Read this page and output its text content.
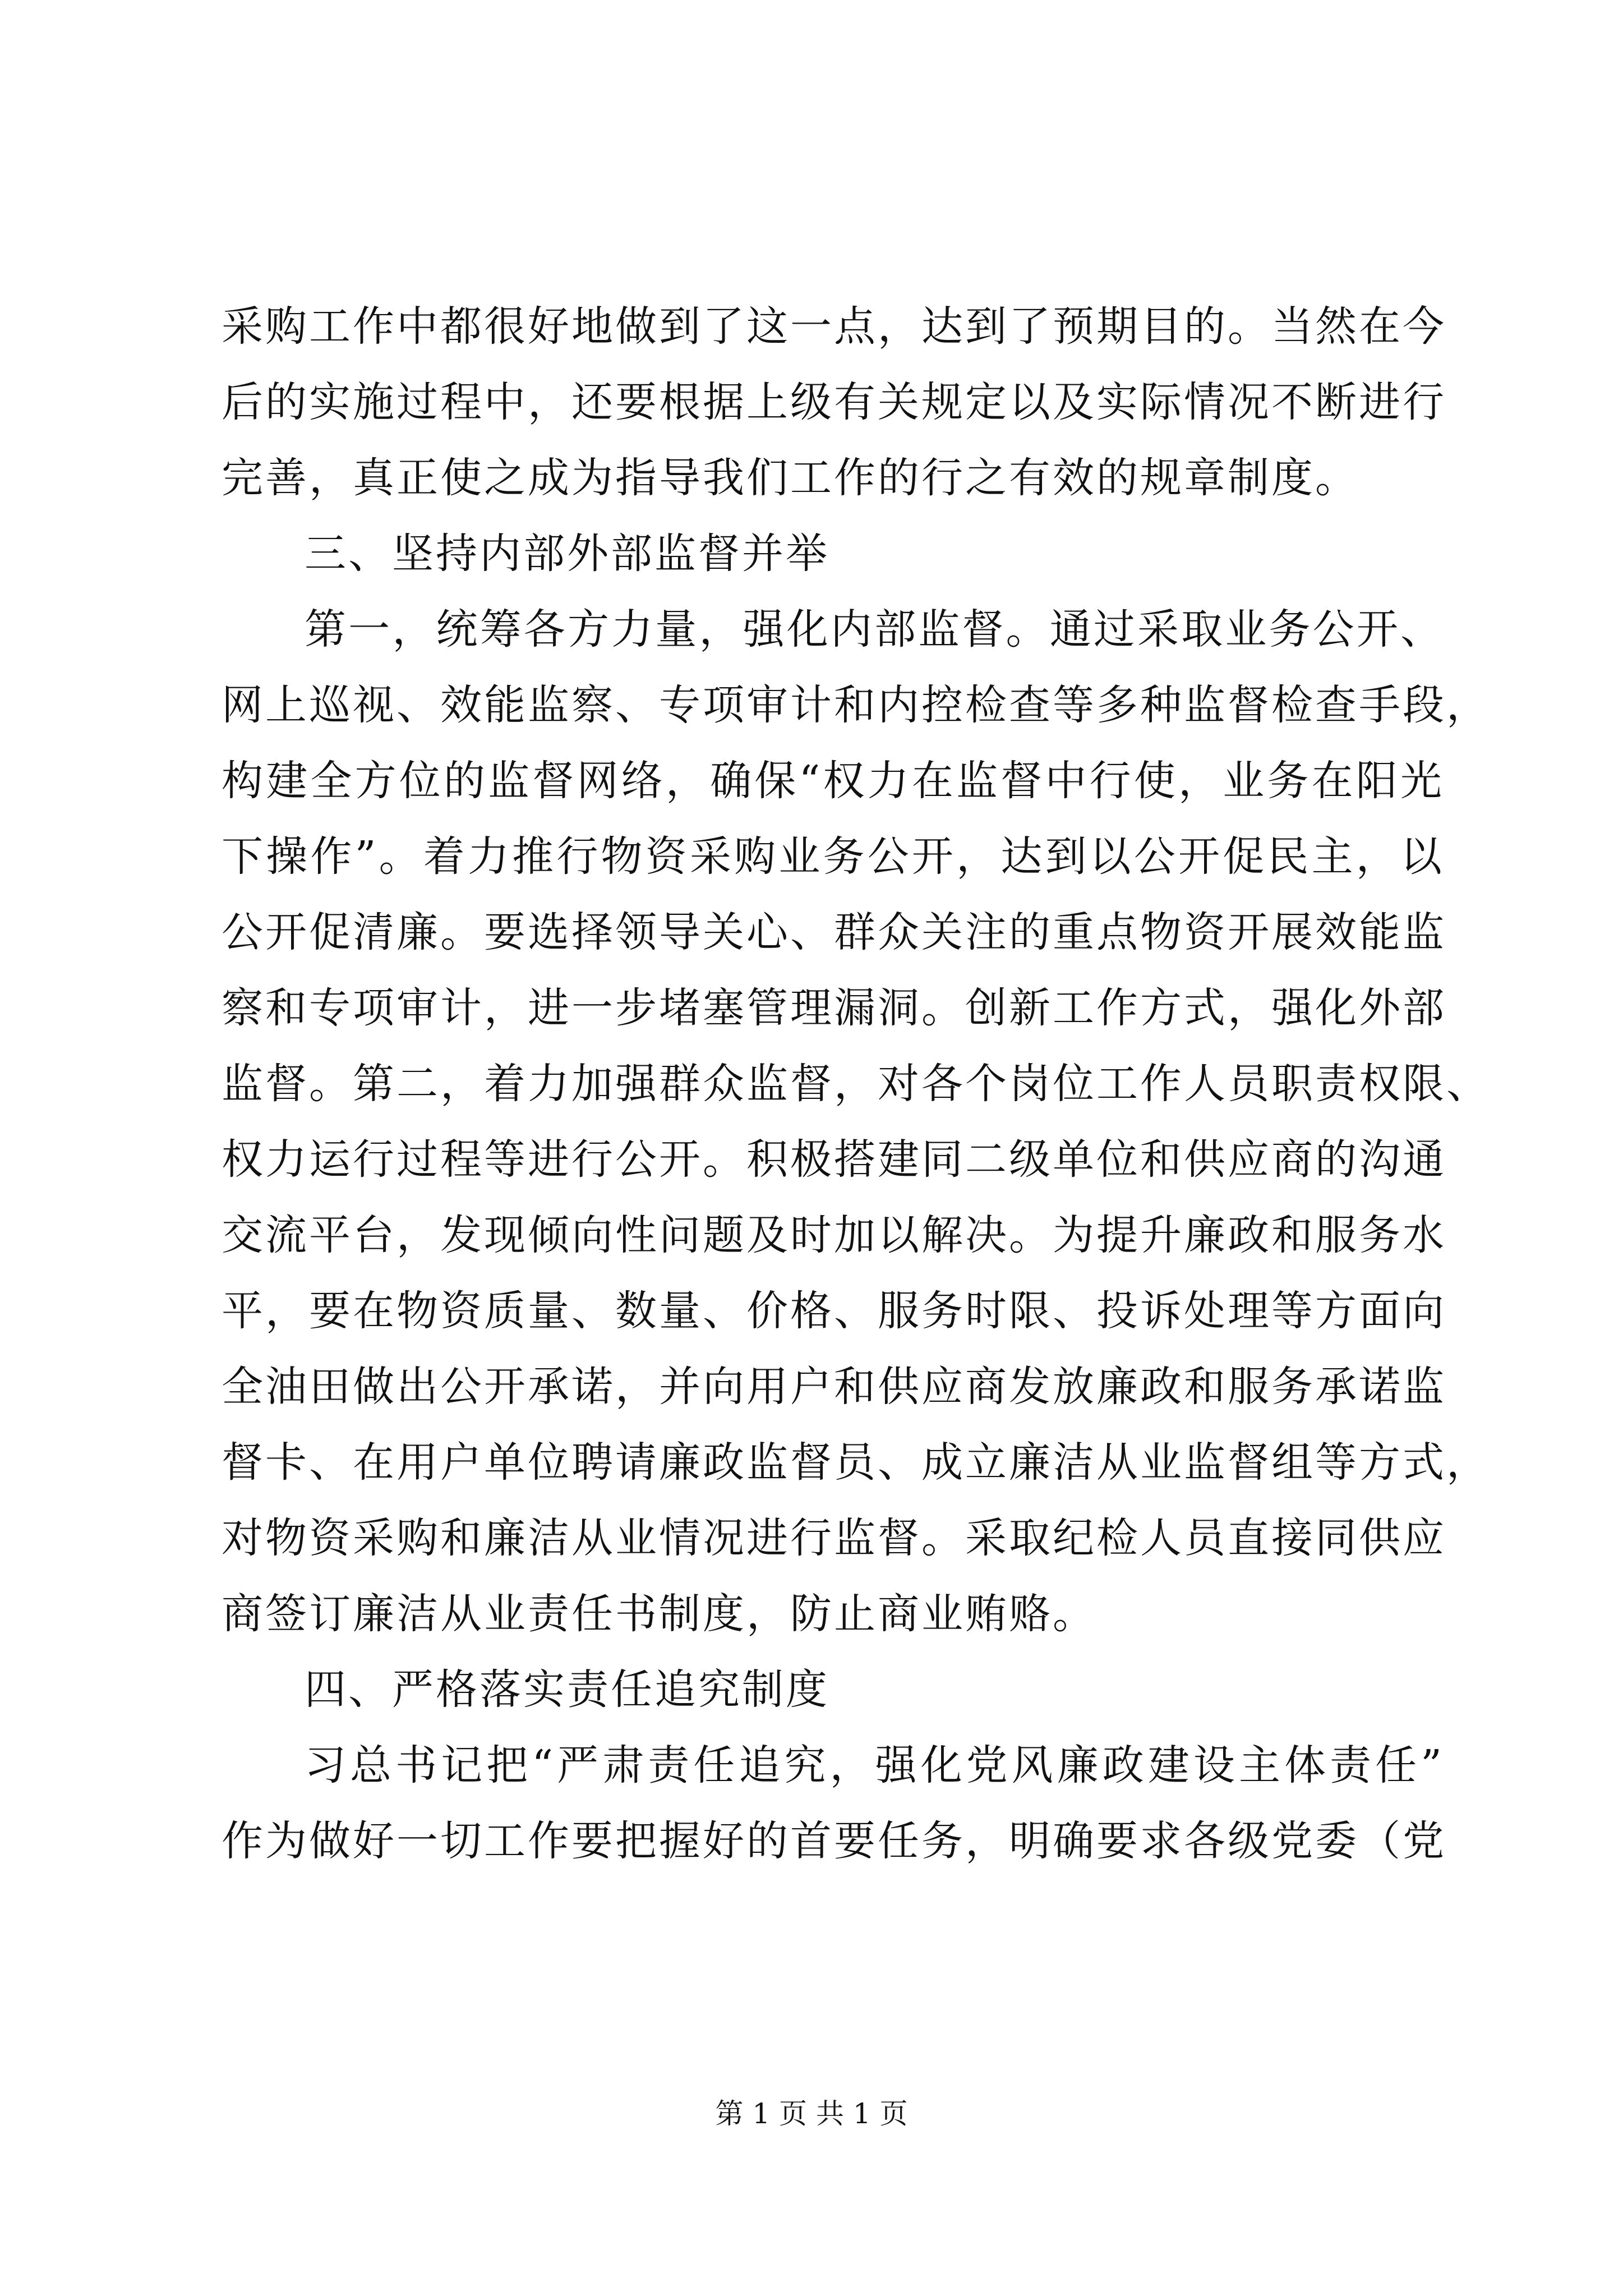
采购工作中都很好地做到了这一点，达到了预期目的。当然在今
后的实施过程中，还要根据上级有关规定以及实际情况不断进行
完善，真正使之成为指导我们工作的行之有效的规章制度。
三、坚持内部外部监督并举
第一，统筹各方力量，强化内部监督。通过采取业务公开、
网上巡视、效能监察、专项审计和内控检查等多种监督检查手段，
构建全方位的监督网络，确保“权力在监督中行使，业务在阳光
下操作”。着力推行物资采购业务公开，达到以公开促民主，以
公开促清廉。要选择领导关心、群众关注的重点物资开展效能监
察和专项审计，进一步堵塞管理漏洞。创新工作方式，强化外部
监督。第二，着力加强群众监督，对各个岗位工作人员职责权限、
权力运行过程等进行公开。积极搭建同二级单位和供应商的沟通
交流平台，发现倾向性问题及时加以解决。为提升廉政和服务水
平，要在物资质量、数量、价格、服务时限、投诉处理等方面向
全油田做出公开承诺，并向用户和供应商发放廉政和服务承诺监
督卡、在用户单位聘请廉政监督员、成立廉洁从业监督组等方式，
对物资采购和廉洁从业情况进行监督。采取纪检人员直接同供应
商签订廉洁从业责任书制度，防止商业贿赂。
四、严格落实责任追究制度
习总书记把“严肃责任追究，强化党风廉政建设主体责任”
作为做好一切工作要把握好的首要任务，明确要求各级党委（党
第 1 页 共 1 页
